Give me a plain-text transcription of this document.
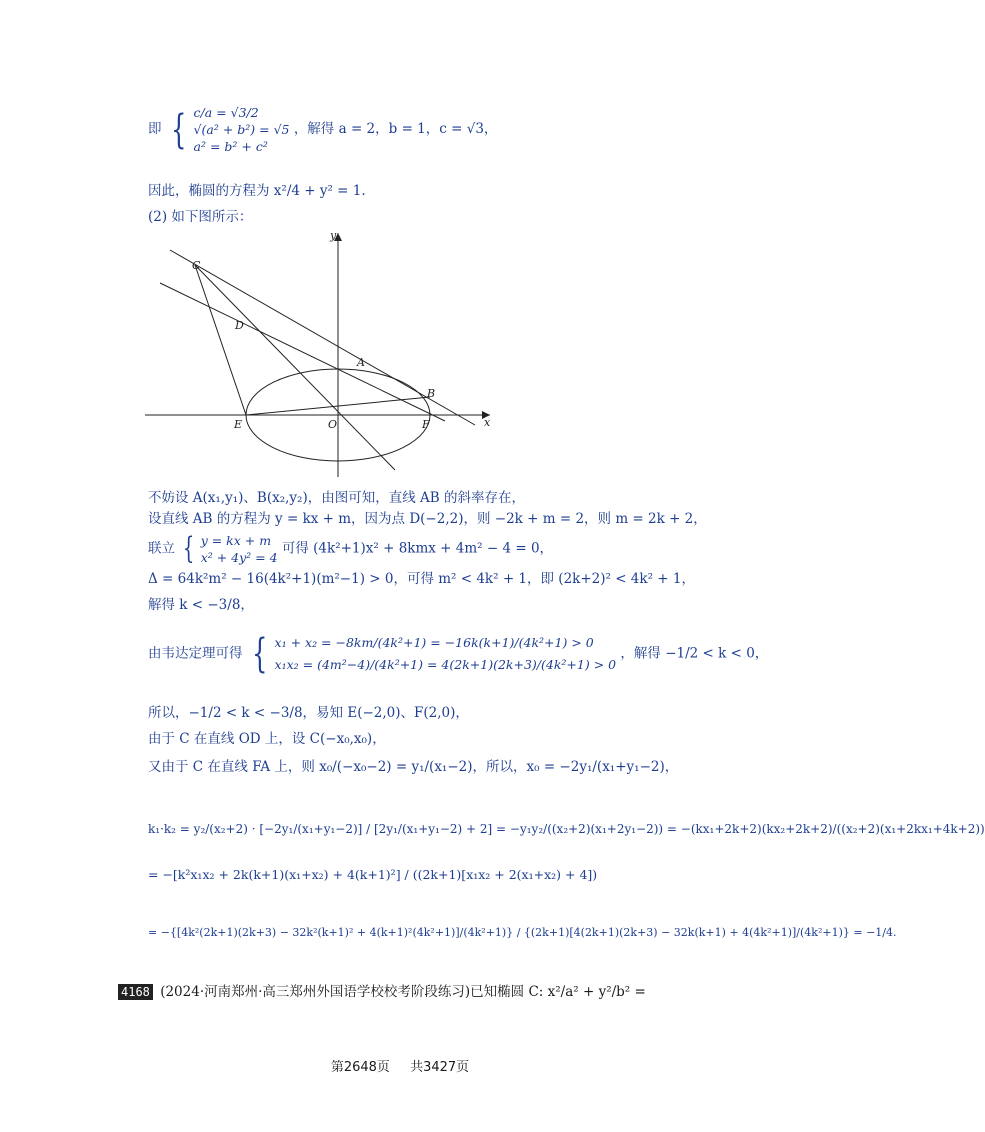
即 { c/a = √3/2
√(a² + b²) = √5
a² = b² + c²
，解得 a = 2，b = 1，c = √3，
因此，椭圆的方程为 x²/4 + y² = 1.
(2) 如下图所示：
C
D
A
B
E	O	F	x
y
不妨设 A(x₁,y₁)、B(x₂,y₂)，由图可知，直线 AB 的斜率存在，
设直线 AB 的方程为 y = kx + m，因为点 D(−2,2)，则 −2k + m = 2，则 m = 2k + 2，
联立 { y = kx + m
x² + 4y² = 4
可得 (4k²+1)x² + 8kmx + 4m² − 4 = 0，
Δ = 64k²m² − 16(4k²+1)(m²−1) > 0，可得 m² < 4k² + 1，即 (2k+2)² < 4k² + 1，
解得 k < −3/8，
由韦达定理可得 { x₁ + x₂ = −8km/(4k²+1) = −16k(k+1)/(4k²+1) > 0
x₁x₂ = (4m²−4)/(4k²+1) = 4(2k+1)(2k+3)/(4k²+1) > 0
，解得 −1/2 < k < 0，
所以，−1/2 < k < −3/8，易知 E(−2,0)、F(2,0)，
由于 C 在直线 OD 上，设 C(−x₀,x₀)，
又由于 C 在直线 FA 上，则 x₀/(−x₀−2) = y₁/(x₁−2)，所以，x₀ = −2y₁/(x₁+y₁−2)，
k₁·k₂ = y₂/(x₂+2) · [−2y₁/(x₁+y₁−2)] / [2y₁/(x₁+y₁−2) + 2] = −y₁y₂/((x₂+2)(x₁+2y₁−2)) = −(kx₁+2k+2)(kx₂+2k+2)/((x₂+2)(x₁+2kx₁+4k+2))
= −[k²x₁x₂ + 2k(k+1)(x₁+x₂) + 4(k+1)²] / ((2k+1)[x₁x₂ + 2(x₁+x₂) + 4])
= −{[4k²(2k+1)(2k+3) − 32k²(k+1)² + 4(k+1)²(4k²+1)]/(4k²+1)} / {(2k+1)[4(2k+1)(2k+3) − 32k(k+1) + 4(4k²+1)]/(4k²+1)} = −1/4.
4168 (2024·河南郑州·高三郑州外国语学校校考阶段练习)已知椭圆 C: x²/a² + y²/b² =
第2648页 共3427页
